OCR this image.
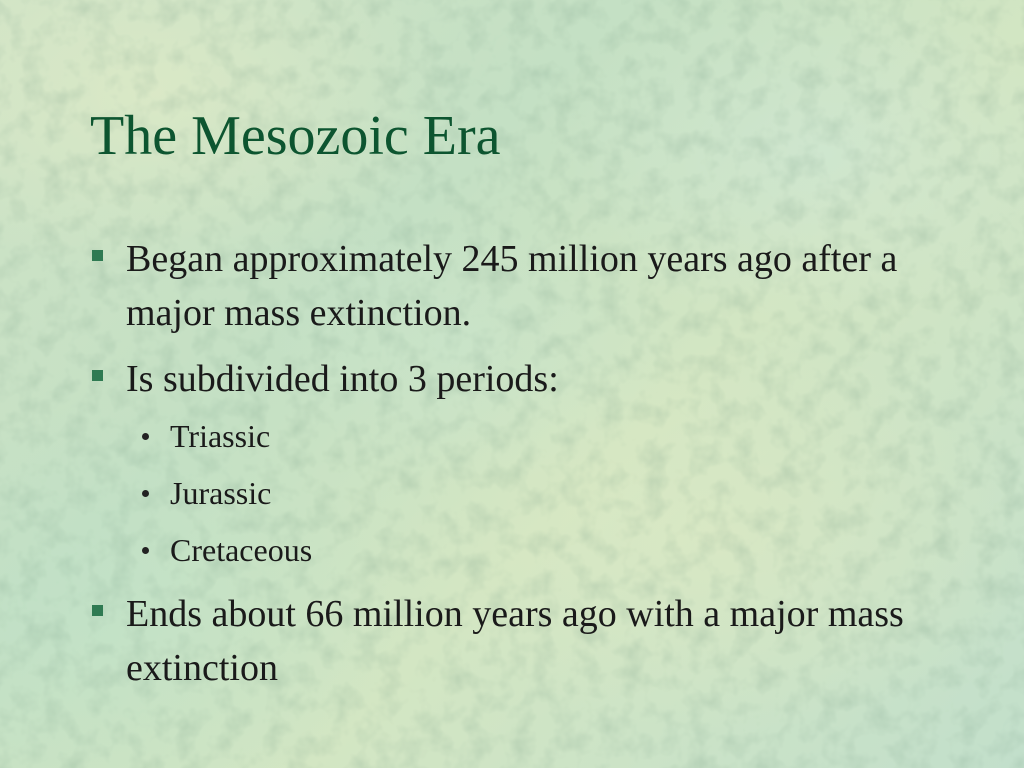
The Mesozoic Era
Began approximately 245 million years ago after a major mass extinction.
Is subdivided into 3 periods:
Triassic
Jurassic
Cretaceous
Ends about 66 million years ago with a major mass extinction
